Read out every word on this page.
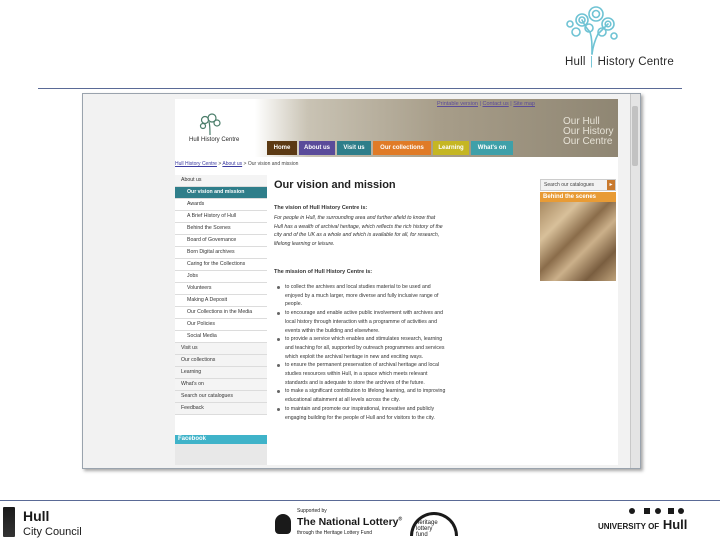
Hull | History Centre
Hull History Centre
Printable version | Contact us | Site map
Our Hull
Our History
Our Centre
Home	About us	Visit us	Our collections	Learning	What's on
Hull History Centre > About us > Our vision and mission
About us
Our vision and mission
Awards
A Brief History of Hull
Behind the Scenes
Board of Governance
Born Digital archives
Caring for the Collections
Jobs
Volunteers
Making A Deposit
Our Collections in the Media
Our Policies
Social Media
Visit us
Our collections
Learning
What's on
Search our catalogues
Feedback
Facebook
Our vision and mission
The vision of Hull History Centre is:
For people in Hull, the surrounding area and further afield to know that Hull has a wealth of archival heritage, which reflects the rich history of the city and of the UK as a whole and which is available for all, for research, lifelong learning or leisure.
The mission of Hull History Centre is:
to collect the archives and local studies material to be used and enjoyed by a much larger, more diverse and fully inclusive range of people.
to encourage and enable active public involvement with archives and local history through interaction with a programme of activities and events within the building and elsewhere.
to provide a service which enables and stimulates research, learning and teaching for all, supported by outreach programmes and services which exploit the archival heritage in new and exciting ways.
to ensure the permanent preservation of archival heritage and local studies resources within Hull, in a space which meets relevant standards and is adequate to store the archives of the future.
to make a significant contribution to lifelong learning, and to improving educational attainment at all levels across the city.
to maintain and promote our inspirational, innovative and publicly engaging building for the people of Hull and for visitors to the city.
Search our catalogues	▸
Behind the scenes
Hull
City Council
Supported by
The National Lottery®
through the Heritage Lottery Fund
heritage
lottery fund
UNIVERSITY OF Hull
